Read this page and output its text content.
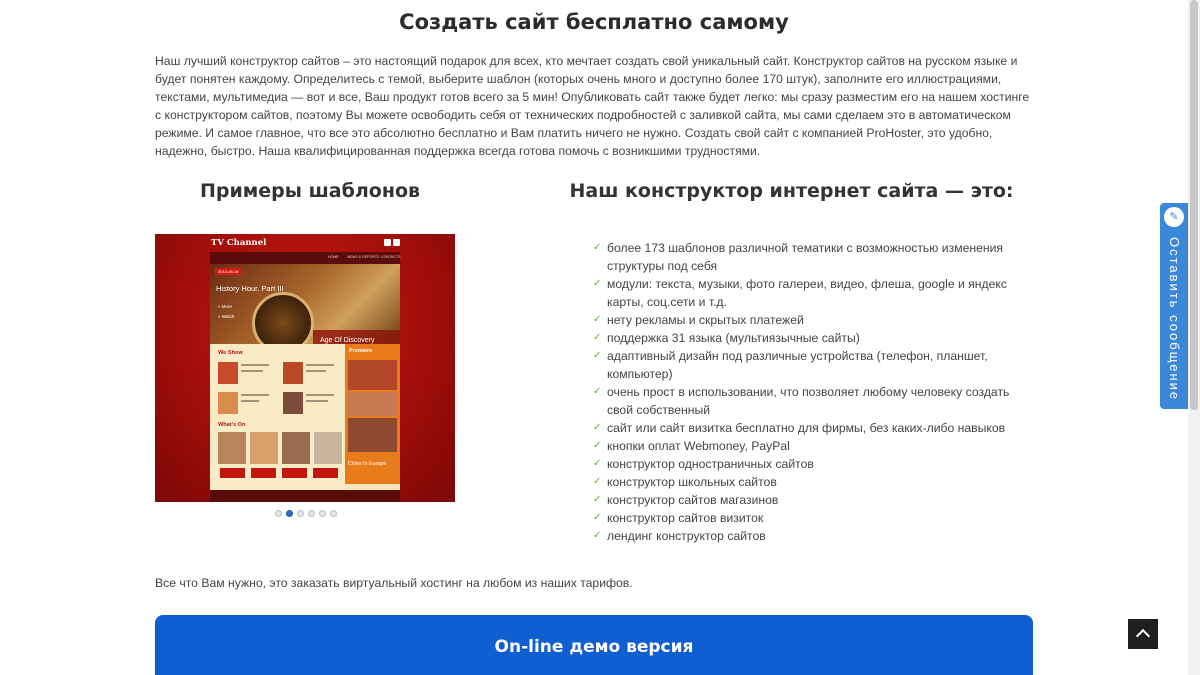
Создать сайт бесплатно самому

Наш лучший конструктор сайтов – это настоящий подарок для всех, кто мечтает создать свой уникальный сайт. Конструктор сайтов на русском языке и будет понятен каждому. Определитесь с темой, выберите шаблон (которых очень много и доступно более 170 штук), заполните его иллюстрациями, текстами, мультимедиа — вот и все, Ваш продукт готов всего за 5 мин! Опубликовать сайт также будет легко: мы сразу разместим его на нашем хостинге с конструктором сайтов, поэтому Вы можете освободить себя от технических подробностей с заливкой сайта, мы сами сделаем это в автоматическом режиме. И самое главное, что все это абсолютно бесплатно и Вам платить ничего не нужно. Создать свой сайт с компанией ProHoster, это удобно, надежно, быстро. Наша квалифицированная поддержка всегда готова помочь с возникшими трудностями.

Примеры шаблонов	Наш конструктор интернет сайта — это:
TV Channel
HOME NEWS & REPORTS CONTACTS
2013-06-16
History Hour. Part III
» More
» Watch
Age Of Discovery
We Show
What's On
Premiere
Cities In Europe
✓ более 173 шаблонов различной тематики с возможностью изменения структуры под себя
✓ модули: текста, музыки, фото галереи, видео, флеша, google и яндекс карты, соц.сети и т.д.
✓ нету рекламы и скрытых платежей
✓ поддержка 31 языка (мультиязычные сайты)
✓ адаптивный дизайн под различные устройства (телефон, планшет, компьютер)
✓ очень прост в использовании, что позволяет любому человеку создать свой собственный
✓ сайт или сайт визитка бесплатно для фирмы, без каких-либо навыков
✓ кнопки оплат Webmoney, PayPal
✓ конструктор одностраничных сайтов
✓ конструктор школьных сайтов
✓ конструктор сайтов магазинов
✓ конструктор сайтов визиток
✓ лендинг конструктор сайтов

Все что Вам нужно, это заказать виртуальный хостинг на любом из наших тарифов.

On-line демо версия
✎
Оставить сообщение
